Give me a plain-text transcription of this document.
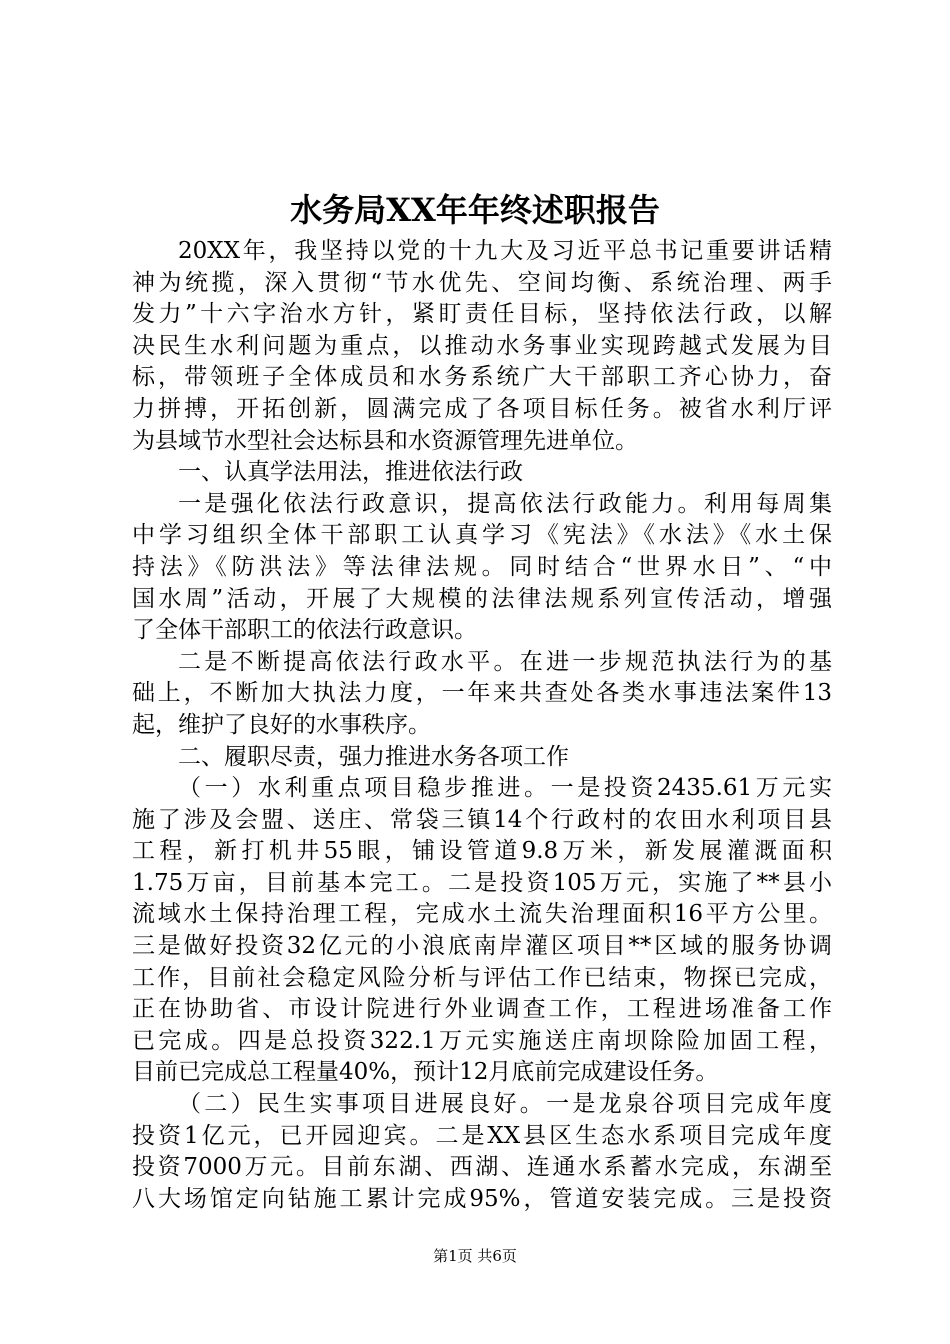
水务局XX年年终述职报告
20XX年，我坚持以党的十九大及习近平总书记重要讲话精
神为统揽，深入贯彻“节水优先、空间均衡、系统治理、两手
发力”十六字治水方针，紧盯责任目标，坚持依法行政，以解
决民生水利问题为重点，以推动水务事业实现跨越式发展为目
标，带领班子全体成员和水务系统广大干部职工齐心协力，奋
力拼搏，开拓创新，圆满完成了各项目标任务。被省水利厅评
为县域节水型社会达标县和水资源管理先进单位。
一、认真学法用法，推进依法行政
一是强化依法行政意识，提高依法行政能力。利用每周集
中学习组织全体干部职工认真学习《宪法》《水法》《水土保
持法》《防洪法》等法律法规。同时结合“世界水日”、“中
国水周”活动，开展了大规模的法律法规系列宣传活动，增强
了全体干部职工的依法行政意识。
二是不断提高依法行政水平。在进一步规范执法行为的基
础上，不断加大执法力度，一年来共查处各类水事违法案件13
起，维护了良好的水事秩序。
二、履职尽责，强力推进水务各项工作
（一）水利重点项目稳步推进。一是投资2435.61万元实
施了涉及会盟、送庄、常袋三镇14个行政村的农田水利项目县
工程，新打机井55眼，铺设管道9.8万米，新发展灌溉面积
1.75万亩，目前基本完工。二是投资105万元，实施了**县小
流域水土保持治理工程，完成水土流失治理面积16平方公里。
三是做好投资32亿元的小浪底南岸灌区项目**区域的服务协调
工作，目前社会稳定风险分析与评估工作已结束，物探已完成，
正在协助省、市设计院进行外业调查工作，工程进场准备工作
已完成。四是总投资322.1万元实施送庄南坝除险加固工程，
目前已完成总工程量40%，预计12月底前完成建设任务。
（二）民生实事项目进展良好。一是龙泉谷项目完成年度
投资1亿元，已开园迎宾。二是XX县区生态水系项目完成年度
投资7000万元。目前东湖、西湖、连通水系蓄水完成，东湖至
八大场馆定向钻施工累计完成95%，管道安装完成。三是投资
第1页 共6页
